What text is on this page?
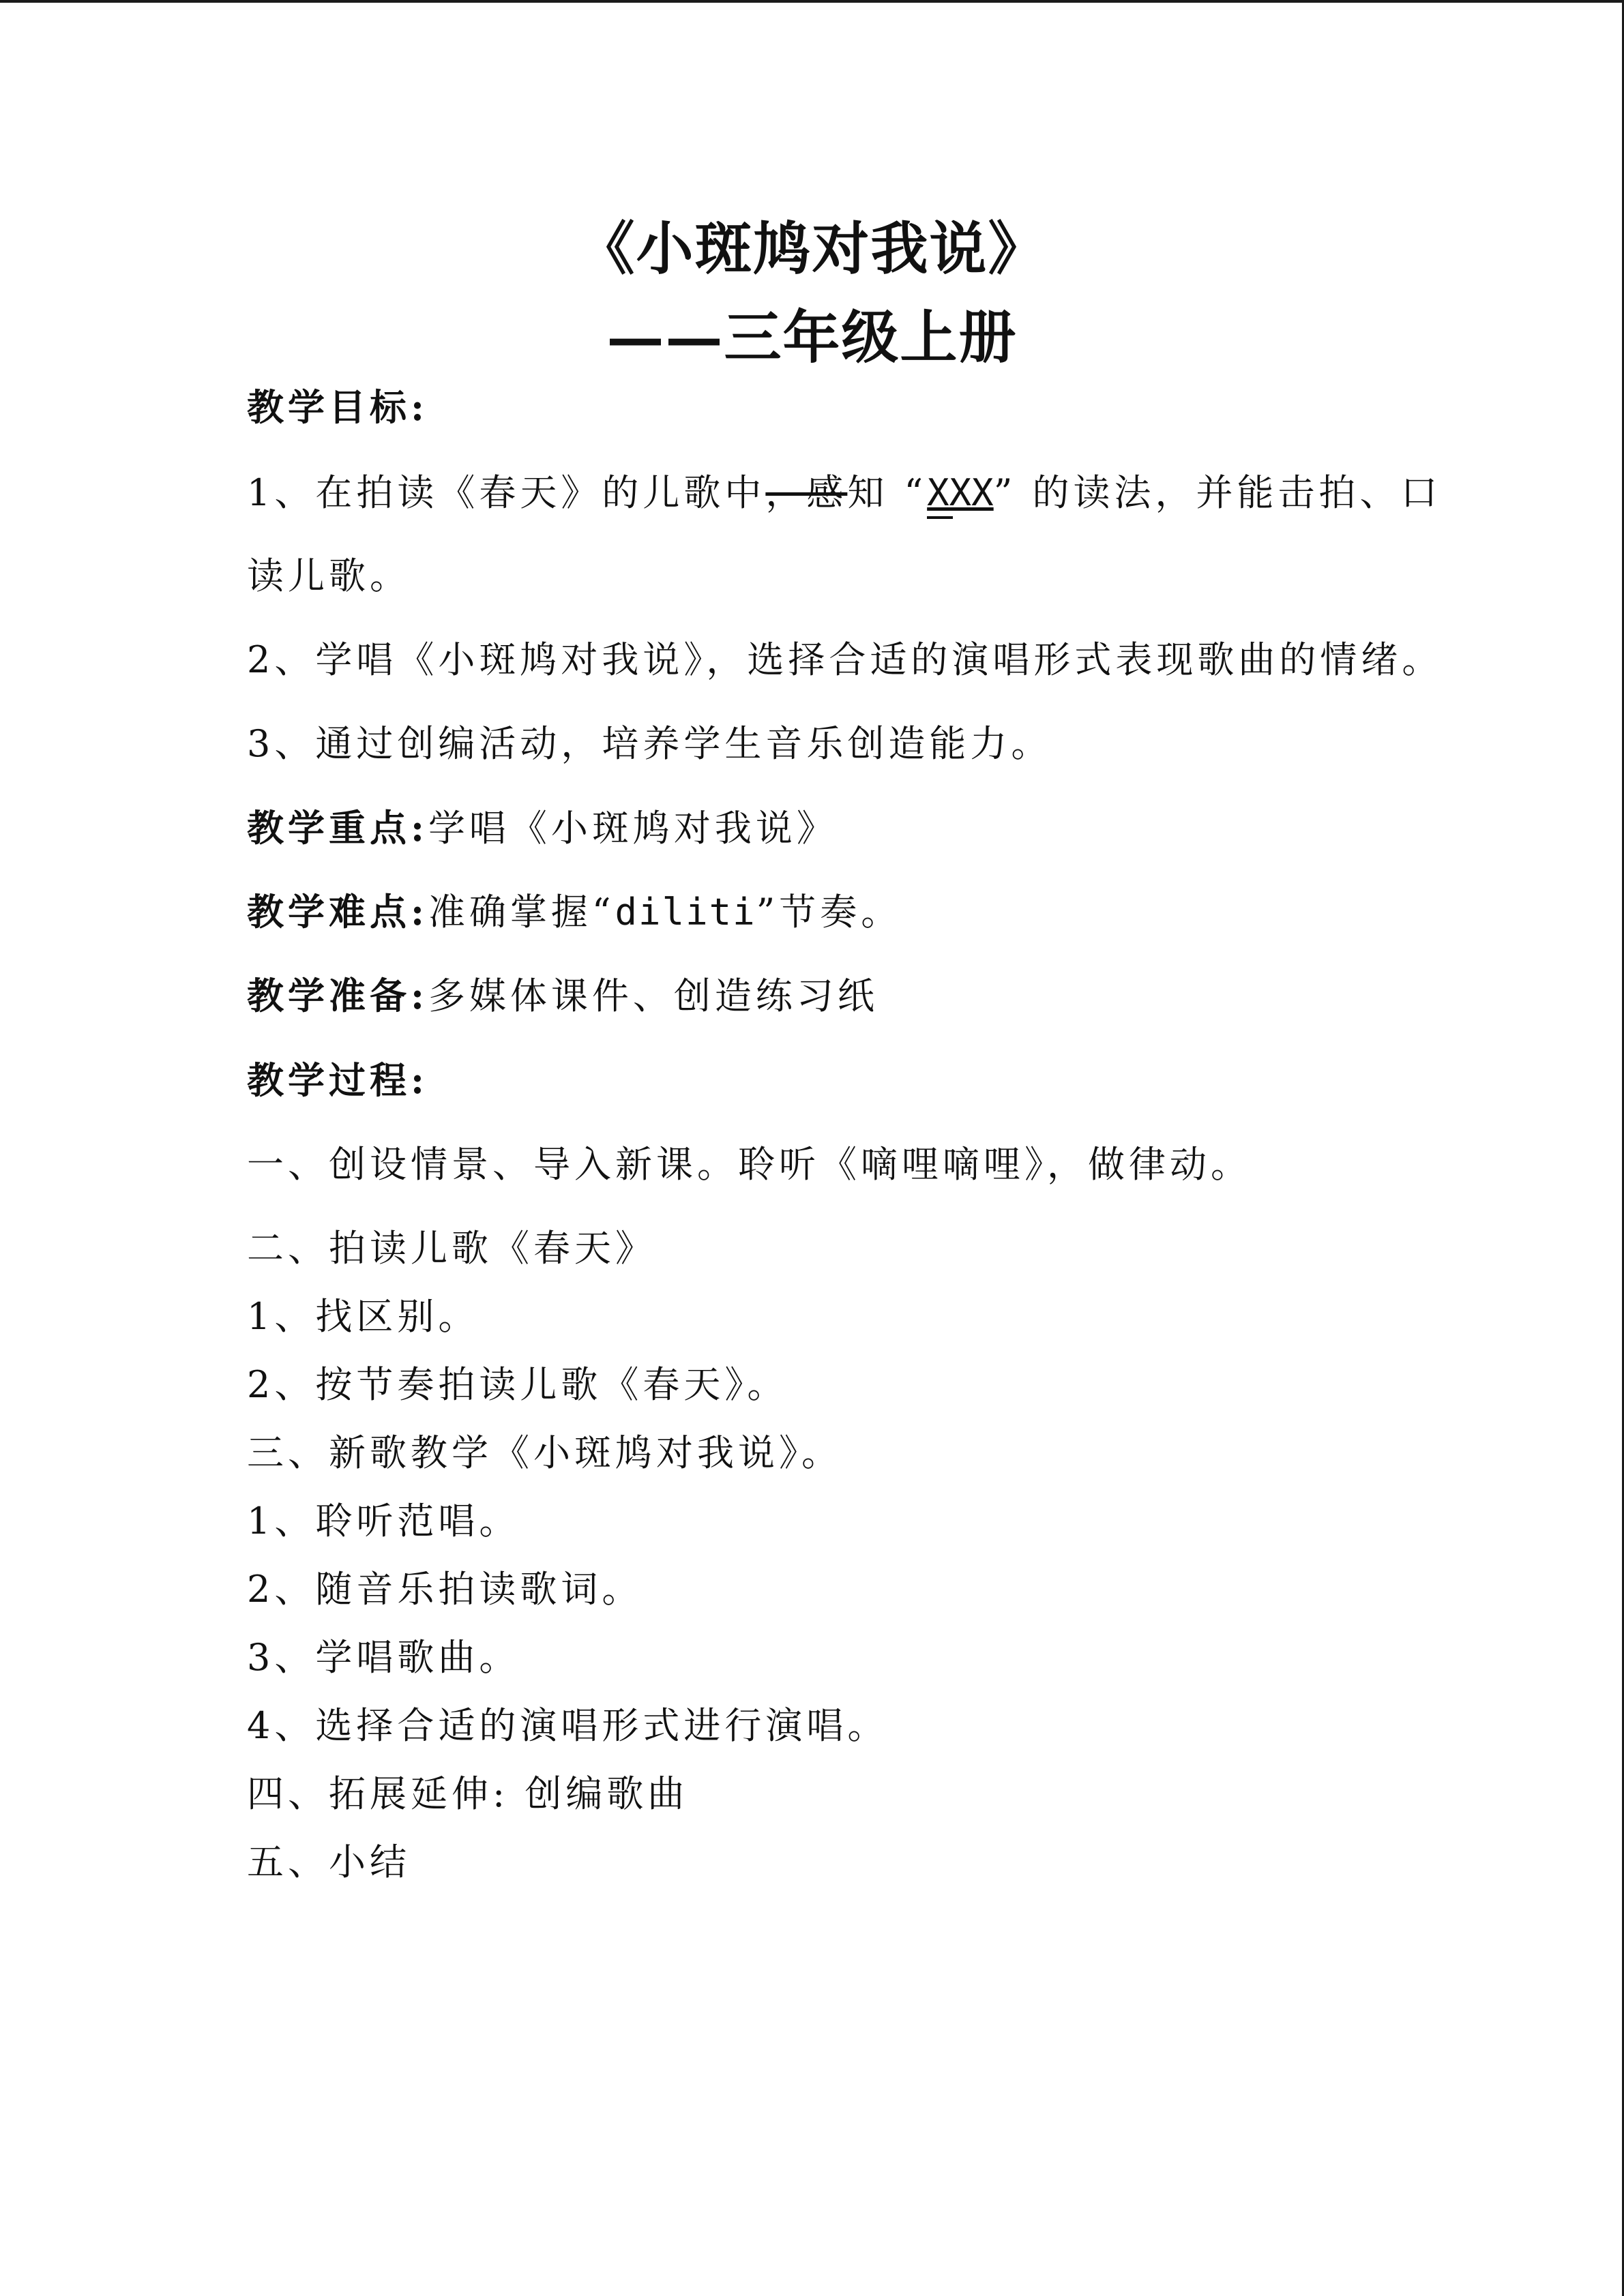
《小斑鸠对我说》
——三年级上册
教学目标:
1、在拍读《春天》的儿歌中，感知 “XXX
” 的读法，并能击拍、口
读儿歌。
2、学唱《小斑鸠对我说》，选择合适的演唱形式表现歌曲的情绪。
3、通过创编活动，培养学生音乐创造能力。
教学重点:学唱《小斑鸠对我说》
教学难点:准确掌握“diliti”节奏。
教学准备:多媒体课件、创造练习纸
教学过程:
一、创设情景、导入新课。聆听《嘀哩嘀哩》，做律动。
二、拍读儿歌《春天》
1、找区别。
2、按节奏拍读儿歌《春天》。
三、新歌教学《小斑鸠对我说》。
1、聆听范唱。
2、随音乐拍读歌词。
3、学唱歌曲。
4、选择合适的演唱形式进行演唱。
四、拓展延伸: 创编歌曲
五、小结
